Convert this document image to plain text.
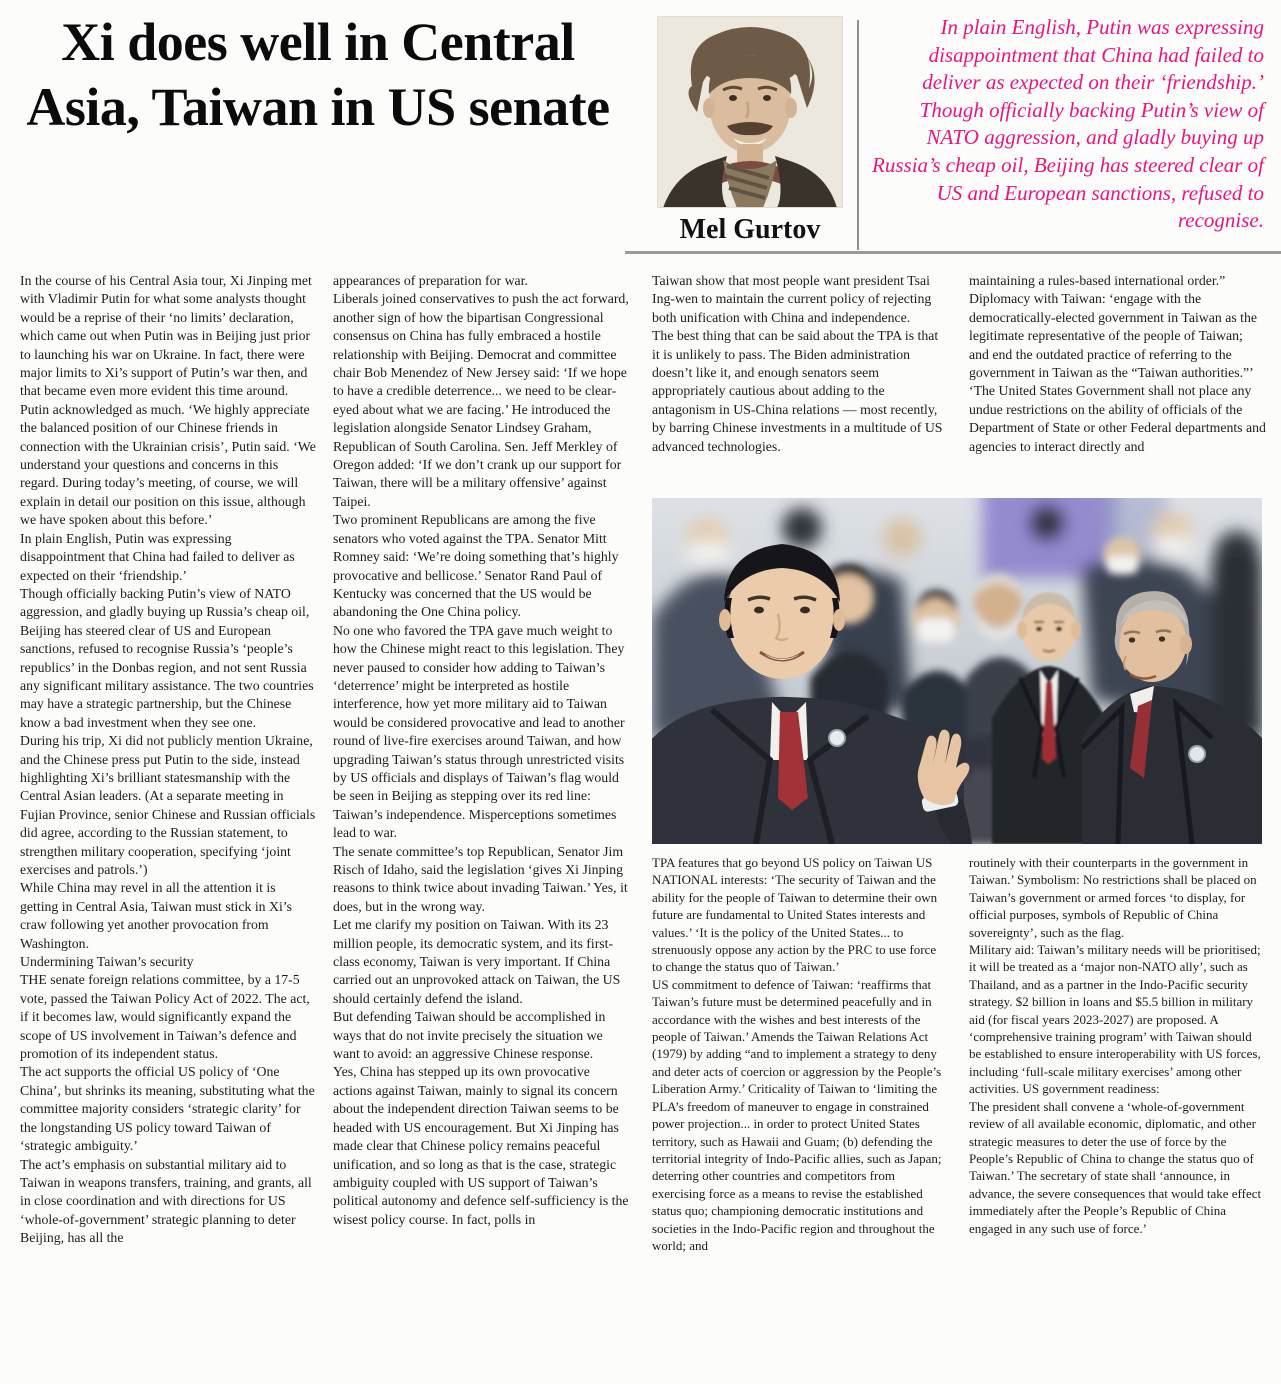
Xi does well in Central Asia, Taiwan in US senate
Mel Gurtov
In plain English, Putin was expressing disappointment that China had failed to deliver as expected on their ‘friendship.’ Though officially backing Putin’s view of NATO aggression, and gladly buying up Russia’s cheap oil, Beijing has steered clear of US and European sanctions, refused to recognise.

In the course of his Central Asia tour, Xi Jinping met with Vladimir Putin for what some analysts thought would be a reprise of their ‘no limits’ declaration, which came out when Putin was in Beijing just prior to launching his war on Ukraine. In fact, there were major limits to Xi’s support of Putin’s war then, and that became even more evident this time around.

Putin acknowledged as much. ‘We highly appreciate the balanced position of our Chinese friends in connection with the Ukrainian crisis’, Putin said. ‘We understand your questions and concerns in this regard. During today’s meeting, of course, we will explain in detail our position on this issue, although we have spoken about this before.’

In plain English, Putin was expressing disappointment that China had failed to deliver as expected on their ‘friendship.’

Though officially backing Putin’s view of NATO aggression, and gladly buying up Russia’s cheap oil, Beijing has steered clear of US and European sanctions, refused to recognise Russia’s ‘people’s republics’ in the Donbas region, and not sent Russia any significant military assistance. The two countries may have a strategic partnership, but the Chinese know a bad investment when they see one.

During his trip, Xi did not publicly mention Ukraine, and the Chinese press put Putin to the side, instead highlighting Xi’s brilliant statesmanship with the Central Asian leaders. (At a separate meeting in Fujian Province, senior Chinese and Russian officials did agree, according to the Russian statement, to strengthen military cooperation, specifying ‘joint exercises and patrols.’)

While China may revel in all the attention it is getting in Central Asia, Taiwan must stick in Xi’s craw following yet another provocation from Washington.

Undermining Taiwan’s security

THE senate foreign relations committee, by a 17-5 vote, passed the Taiwan Policy Act of 2022. The act, if it becomes law, would significantly expand the scope of US involvement in Taiwan’s defence and promotion of its independent status.

The act supports the official US policy of ‘One China’, but shrinks its meaning, substituting what the committee majority considers ‘strategic clarity’ for the longstanding US policy toward Taiwan of ‘strategic ambiguity.’

The act’s emphasis on substantial military aid to Taiwan in weapons transfers, training, and grants, all in close coordination and with directions for US ‘whole-of-government’ strategic planning to deter Beijing, has all the

appearances of preparation for war.

Liberals joined conservatives to push the act forward, another sign of how the bipartisan Congressional consensus on China has fully embraced a hostile relationship with Beijing. Democrat and committee chair Bob Menendez of New Jersey said: ‘If we hope to have a credible deterrence... we need to be clear-eyed about what we are facing.’ He introduced the legislation alongside Senator Lindsey Graham, Republican of South Carolina. Sen. Jeff Merkley of Oregon added: ‘If we don’t crank up our support for Taiwan, there will be a military offensive’ against Taipei.

Two prominent Republicans are among the five senators who voted against the TPA. Senator Mitt Romney said: ‘We’re doing something that’s highly provocative and bellicose.’ Senator Rand Paul of Kentucky was concerned that the US would be abandoning the One China policy.

No one who favored the TPA gave much weight to how the Chinese might react to this legislation. They never paused to consider how adding to Taiwan’s ‘deterrence’ might be interpreted as hostile interference, how yet more military aid to Taiwan would be considered provocative and lead to another round of live-fire exercises around Taiwan, and how upgrading Taiwan’s status through unrestricted visits by US officials and displays of Taiwan’s flag would be seen in Beijing as stepping over its red line: Taiwan’s independence. Misperceptions sometimes lead to war.

The senate committee’s top Republican, Senator Jim Risch of Idaho, said the legislation ‘gives Xi Jinping reasons to think twice about invading Taiwan.’ Yes, it does, but in the wrong way.

Let me clarify my position on Taiwan. With its 23 million people, its democratic system, and its first-class economy, Taiwan is very important. If China carried out an unprovoked attack on Taiwan, the US should certainly defend the island.

But defending Taiwan should be accomplished in ways that do not invite precisely the situation we want to avoid: an aggressive Chinese response.

Yes, China has stepped up its own provocative actions against Taiwan, mainly to signal its concern about the independent direction Taiwan seems to be headed with US encouragement. But Xi Jinping has made clear that Chinese policy remains peaceful unification, and so long as that is the case, strategic ambiguity coupled with US support of Taiwan’s political autonomy and defence self-sufficiency is the wisest policy course. In fact, polls in

Taiwan show that most people want president Tsai Ing-wen to maintain the current policy of rejecting both unification with China and independence.

The best thing that can be said about the TPA is that it is unlikely to pass. The Biden administration doesn’t like it, and enough senators seem appropriately cautious about adding to the antagonism in US-China relations — most recently, by barring Chinese investments in a multitude of US advanced technologies.

maintaining a rules-based international order.” Diplomacy with Taiwan: ‘engage with the democratically-elected government in Taiwan as the legitimate representative of the people of Taiwan; and end the outdated practice of referring to the government in Taiwan as the “Taiwan authorities.”’ ‘The United States Government shall not place any undue restrictions on the ability of officials of the Department of State or other Federal departments and agencies to interact directly and

TPA features that go beyond US policy on Taiwan US NATIONAL interests: ‘The security of Taiwan and the ability for the people of Taiwan to determine their own future are fundamental to United States interests and values.’ ‘It is the policy of the United States... to strenuously oppose any action by the PRC to use force to change the status quo of Taiwan.’

US commitment to defence of Taiwan: ‘reaffirms that Taiwan’s future must be determined peacefully and in accordance with the wishes and best interests of the people of Taiwan.’ Amends the Taiwan Relations Act (1979) by adding “and to implement a strategy to deny and deter acts of coercion or aggression by the People’s Liberation Army.’ Criticality of Taiwan to ‘limiting the PLA’s freedom of maneuver to engage in constrained power projection... in order to protect United States territory, such as Hawaii and Guam; (b) defending the territorial integrity of Indo-Pacific allies, such as Japan; deterring other countries and competitors from exercising force as a means to revise the established status quo; championing democratic institutions and societies in the Indo-Pacific region and throughout the world; and

routinely with their counterparts in the government in Taiwan.’ Symbolism: No restrictions shall be placed on Taiwan’s government or armed forces ‘to display, for official purposes, symbols of Republic of China sovereignty’, such as the flag.

Military aid: Taiwan’s military needs will be prioritised; it will be treated as a ‘major non-NATO ally’, such as Thailand, and as a partner in the Indo-Pacific security strategy. $2 billion in loans and $5.5 billion in military aid (for fiscal years 2023-2027) are proposed. A ‘comprehensive training program’ with Taiwan should be established to ensure interoperability with US forces, including ‘full-scale military exercises’ among other activities. US government readiness:

The president shall convene a ‘whole-of-government review of all available economic, diplomatic, and other strategic measures to deter the use of force by the People’s Republic of China to change the status quo of Taiwan.’ The secretary of state shall ‘announce, in advance, the severe consequences that would take effect immediately after the People’s Republic of China engaged in any such use of force.’
